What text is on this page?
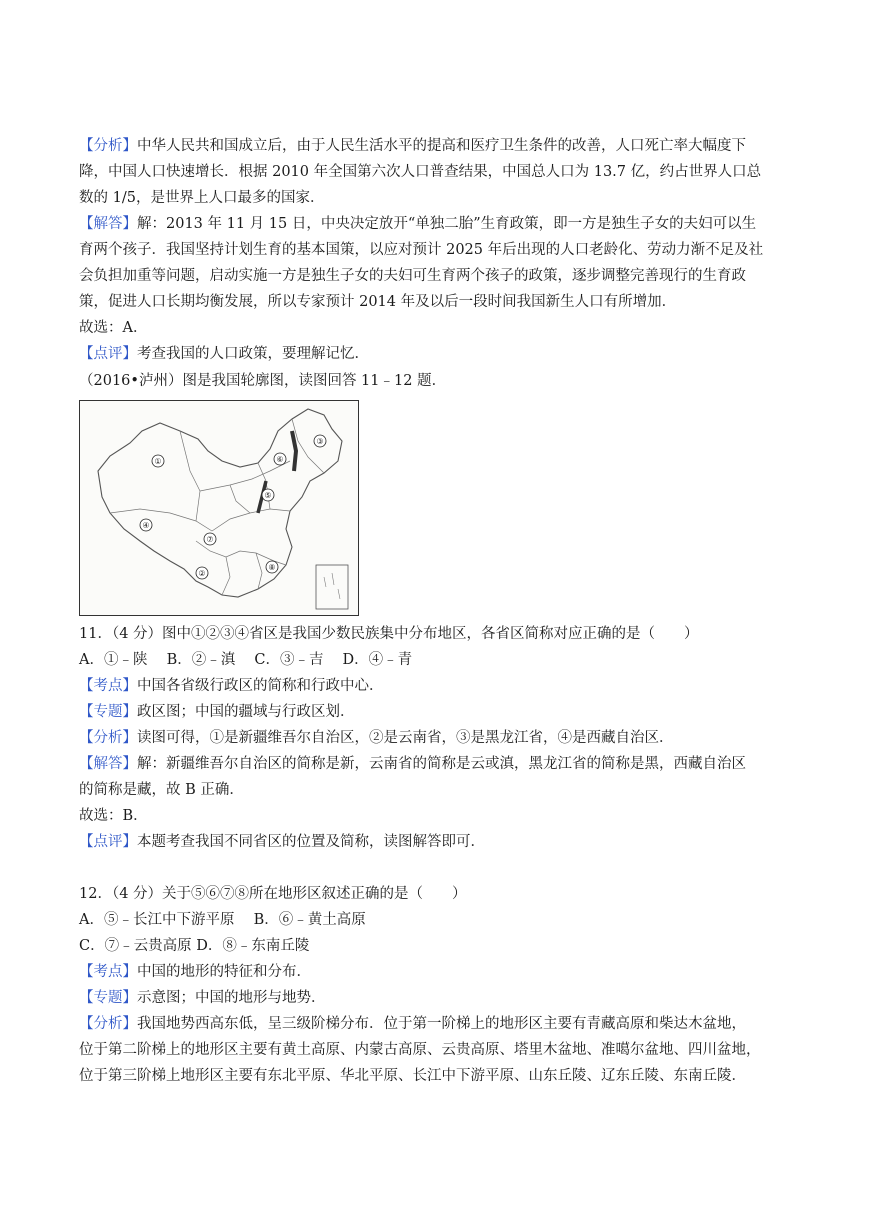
【分析】中华人民共和国成立后，由于人民生活水平的提高和医疗卫生条件的改善，人口死亡率大幅度下
降，中国人口快速增长．根据 2010 年全国第六次人口普查结果，中国总人口为 13.7 亿，约占世界人口总
数的 1/5，是世界上人口最多的国家．
【解答】解：2013 年 11 月 15 日，中央决定放开“单独二胎”生育政策，即一方是独生子女的夫妇可以生
育两个孩子．我国坚持计划生育的基本国策，以应对预计 2025 年后出现的人口老龄化、劳动力渐不足及社
会负担加重等问题，启动实施一方是独生子女的夫妇可生育两个孩子的政策，逐步调整完善现行的生育政
策，促进人口长期均衡发展，所以专家预计 2014 年及以后一段时间我国新生人口有所增加．
故选：A．
【点评】考查我国的人口政策，要理解记忆．
（2016•泸州）图是我国轮廓图，读图回答 11﹣12 题．
①
②
③
④
⑤
⑥
⑦
⑧
11．（4 分）图中①②③④省区是我国少数民族集中分布地区，各省区简称对应正确的是（　　）
A．①﹣陕　 B．②﹣滇　 C．③﹣吉　 D．④﹣青
【考点】中国各省级行政区的简称和行政中心．
【专题】政区图；中国的疆域与行政区划．
【分析】读图可得，①是新疆维吾尔自治区，②是云南省，③是黑龙江省，④是西藏自治区．
【解答】解：新疆维吾尔自治区的简称是新，云南省的简称是云或滇，黑龙江省的简称是黑，西藏自治区
的简称是藏，故 B 正确．
故选：B．
【点评】本题考查我国不同省区的位置及简称，读图解答即可．
12．（4 分）关于⑤⑥⑦⑧所在地形区叙述正确的是（　　）
A．⑤﹣长江中下游平原　 B．⑥﹣黄土高原
C．⑦﹣云贵高原 D．⑧﹣东南丘陵
【考点】中国的地形的特征和分布．
【专题】示意图；中国的地形与地势．
【分析】我国地势西高东低，呈三级阶梯分布．位于第一阶梯上的地形区主要有青藏高原和柴达木盆地，
位于第二阶梯上的地形区主要有黄土高原、内蒙古高原、云贵高原、塔里木盆地、准噶尔盆地、四川盆地，
位于第三阶梯上地形区主要有东北平原、华北平原、长江中下游平原、山东丘陵、辽东丘陵、东南丘陵．
